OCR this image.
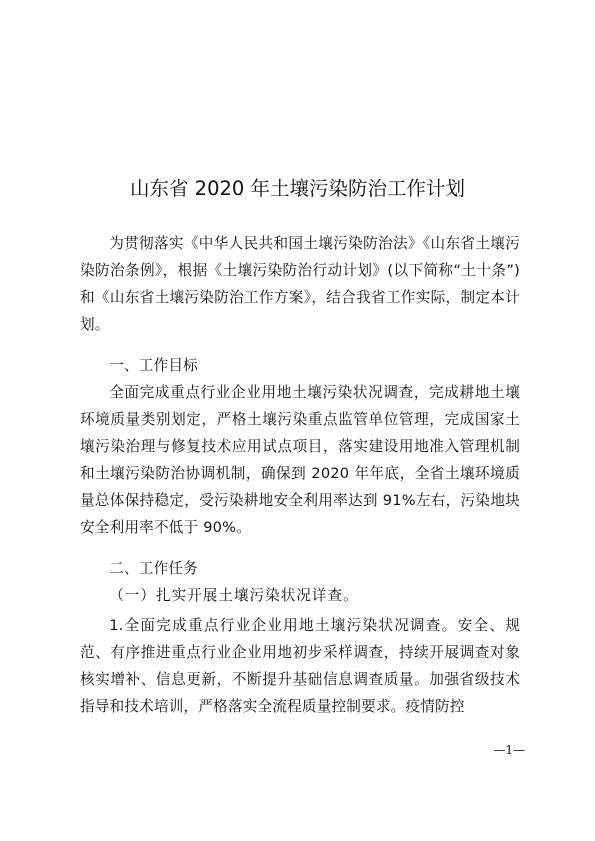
山东省 2020 年土壤污染防治工作计划

为贯彻落实《中华人民共和国土壤污染防治法》《山东省土壤污染防治条例》，根据《土壤污染防治行动计划》(以下简称“土十条”) 和《山东省土壤污染防治工作方案》，结合我省工作实际，制定本计划。

一、工作目标

全面完成重点行业企业用地土壤污染状况调查，完成耕地土壤环境质量类别划定，严格土壤污染重点监管单位管理，完成国家土壤污染治理与修复技术应用试点项目，落实建设用地准入管理机制和土壤污染防治协调机制，确保到 2020 年年底，全省土壤环境质量总体保持稳定，受污染耕地安全利用率达到 91%左右，污染地块安全利用率不低于 90%。

二、工作任务

（一）扎实开展土壤污染状况详查。

1.全面完成重点行业企业用地土壤污染状况调查。安全、规范、有序推进重点行业企业用地初步采样调查，持续开展调查对象核实增补、信息更新，不断提升基础信息调查质量。加强省级技术指导和技术培训，严格落实全流程质量控制要求。疫情防控

—1—
